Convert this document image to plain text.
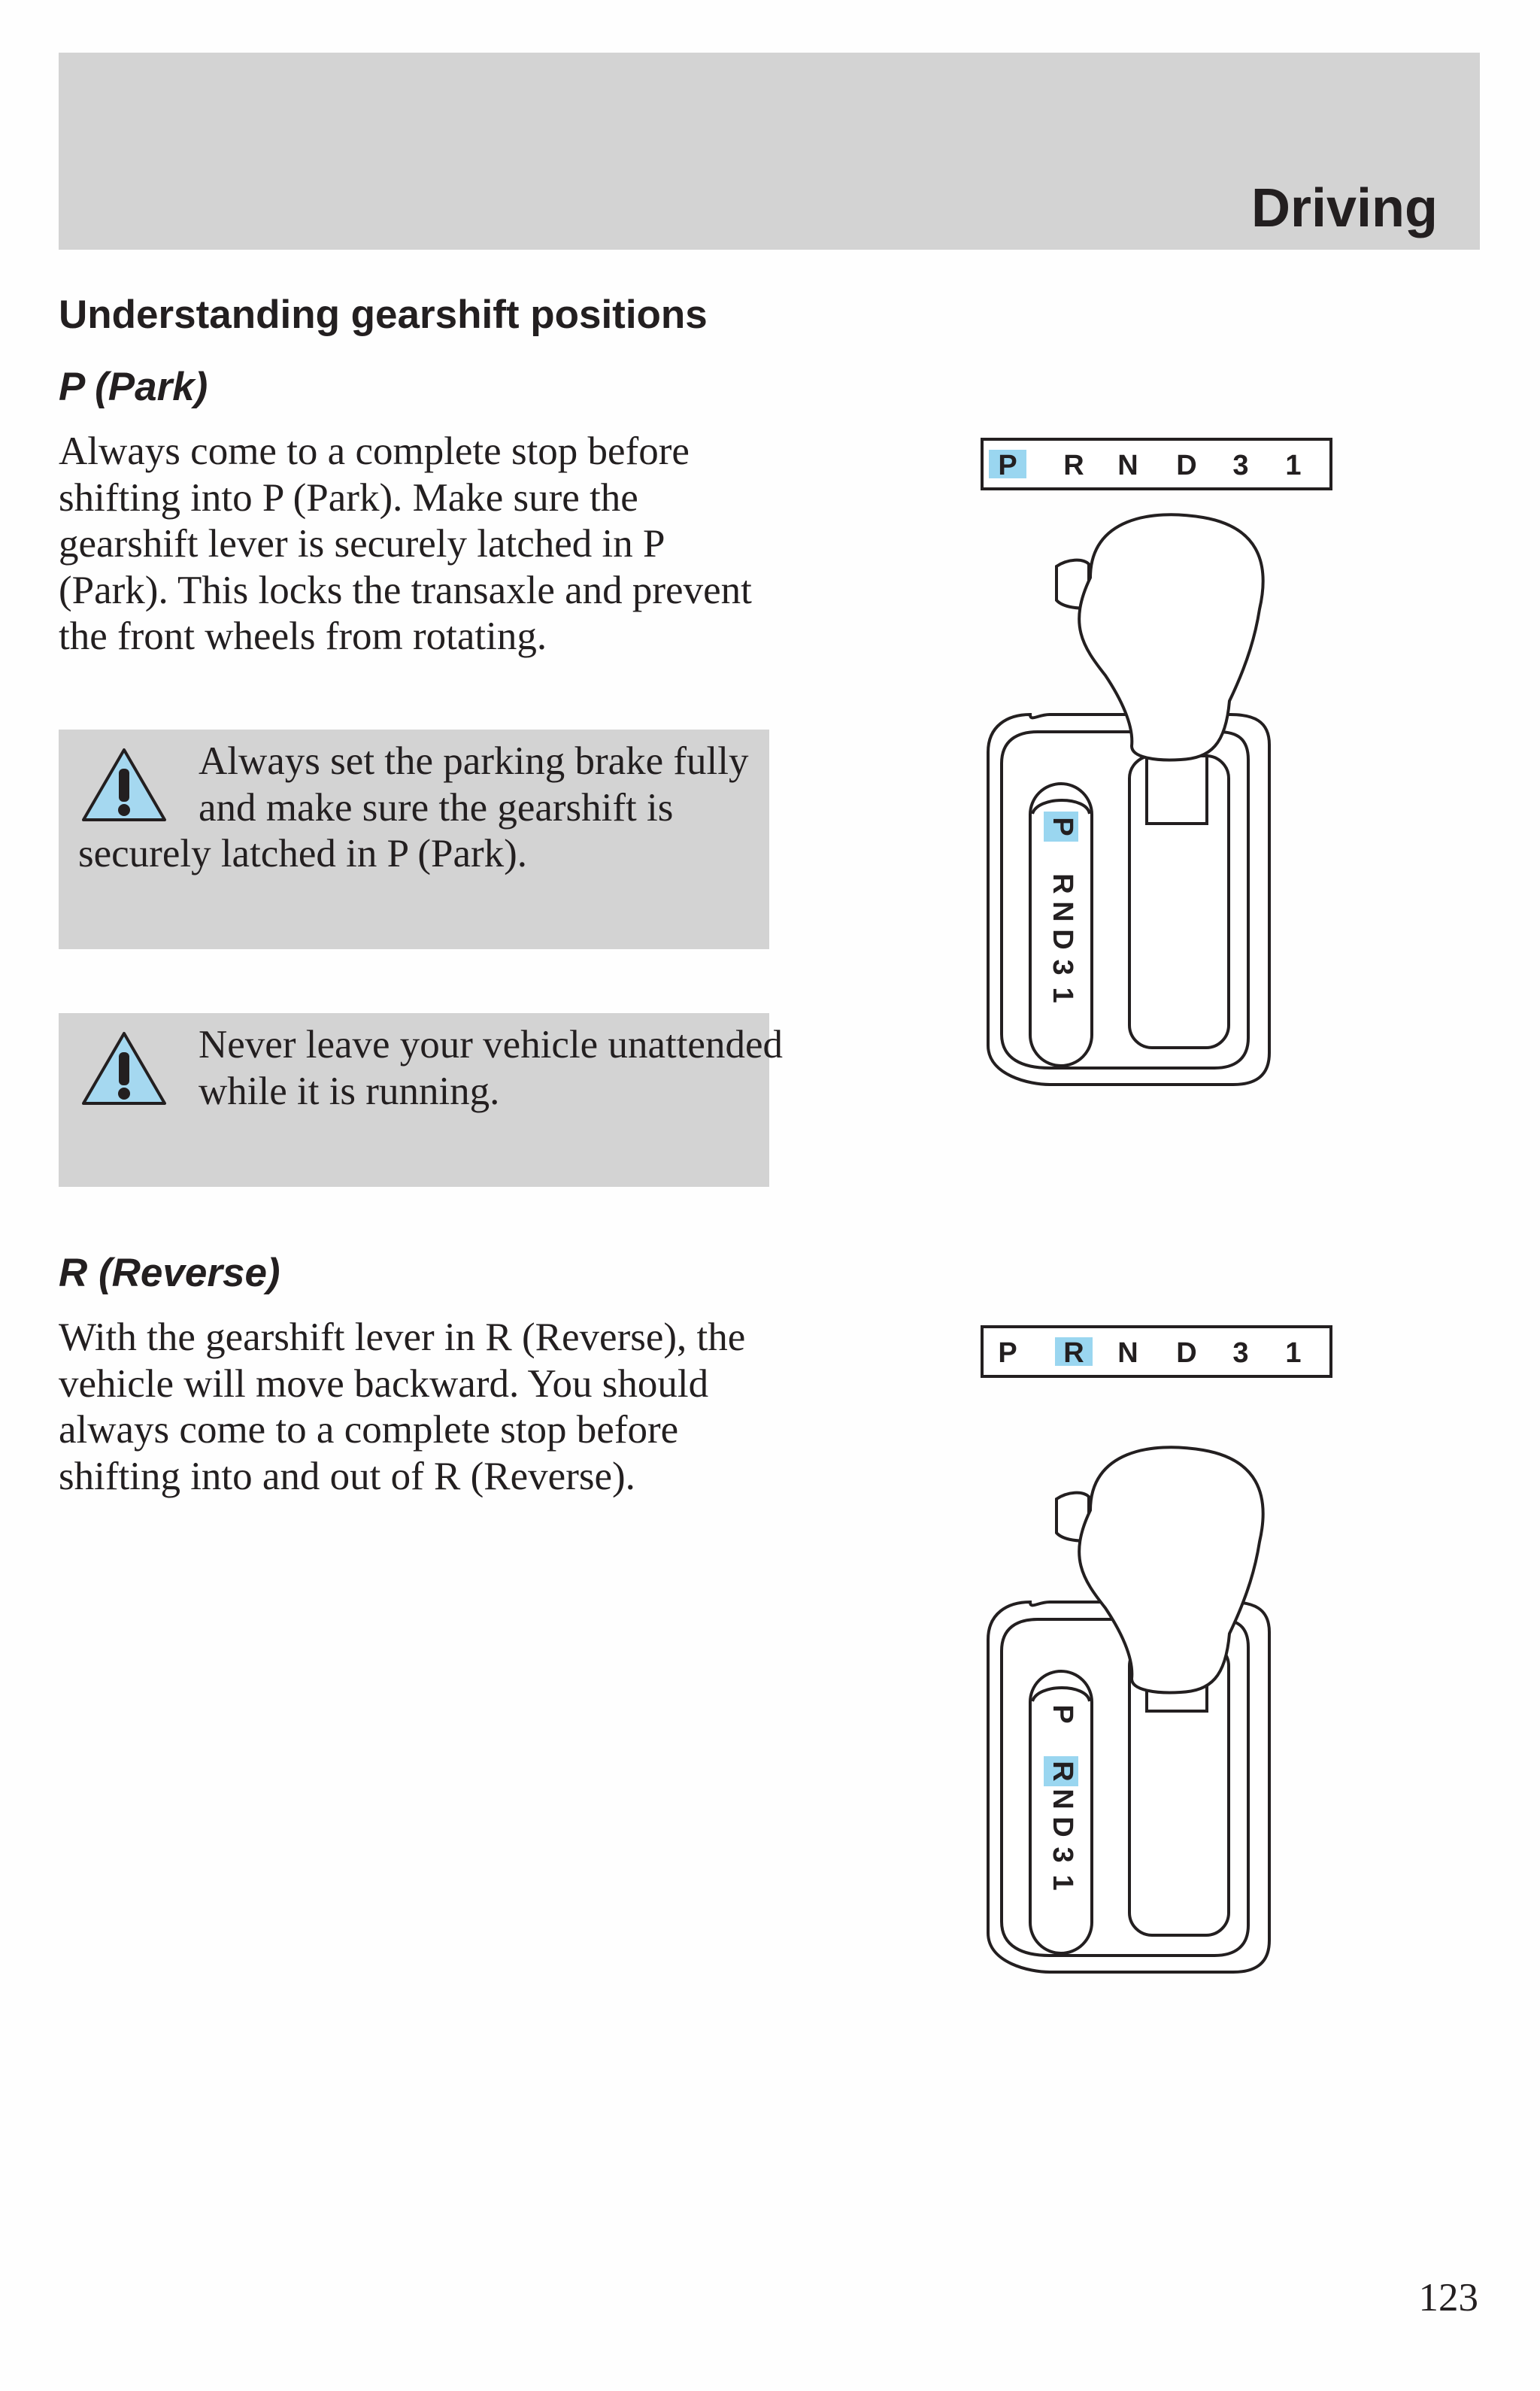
Driving
Understanding gearshift positions
P (Park)
Always come to a complete stop before shifting into P (Park). Make sure the gearshift lever is securely latched in P (Park). This locks the transaxle and prevent the front wheels from rotating.
Always set the parking brake fully and make sure the gearshift is securely latched in P (Park).
Never leave your vehicle unattended while it is running.
R (Reverse)
With the gearshift lever in R (Reverse), the vehicle will move backward. You should always come to a complete stop before shifting into and out of R (Reverse).
P R N D 3 1
P
R
N
D
3
1
P R N D 3 1
P
R
N
D
3
1
123
